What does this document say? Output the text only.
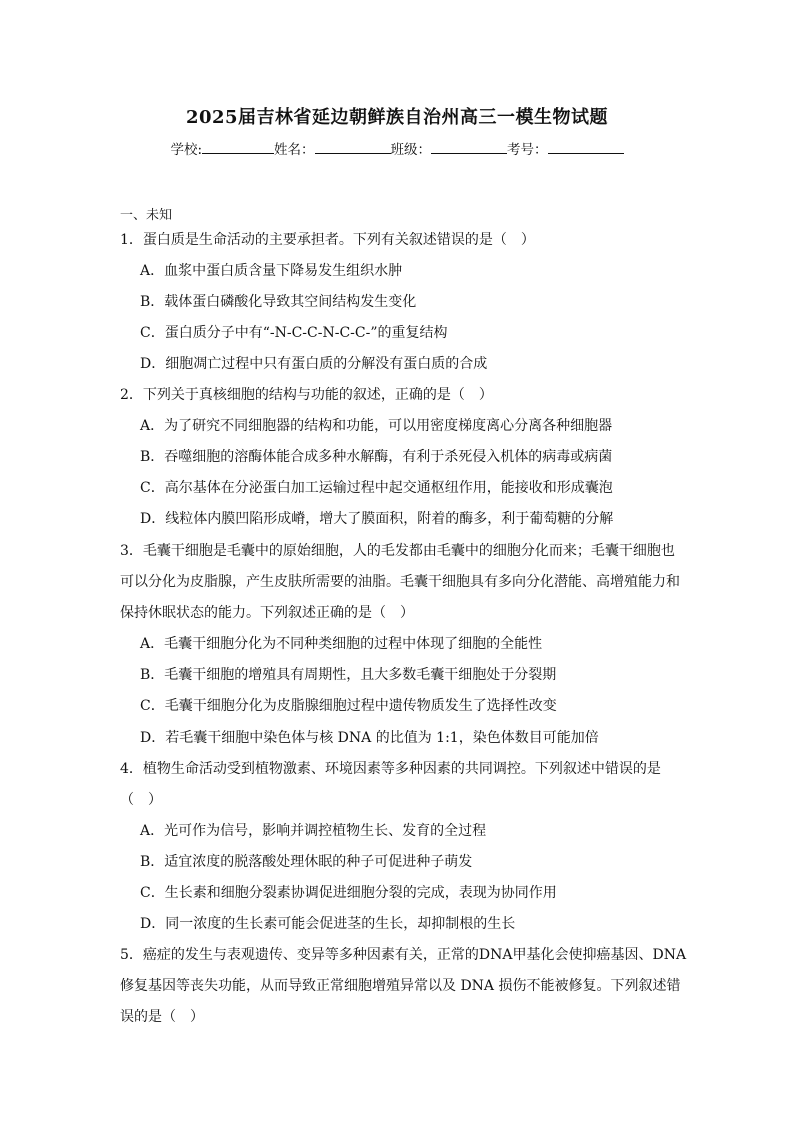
2025届吉林省延边朝鲜族自治州高三一模生物试题
学校:	姓名：	班级：	考号：
一、未知
1．蛋白质是生命活动的主要承担者。下列有关叙述错误的是（　）
A．血浆中蛋白质含量下降易发生组织水肿
B．载体蛋白磷酸化导致其空间结构发生变化
C．蛋白质分子中有“-N-C-C-N-C-C-”的重复结构
D．细胞凋亡过程中只有蛋白质的分解没有蛋白质的合成
2．下列关于真核细胞的结构与功能的叙述，正确的是（　）
A．为了研究不同细胞器的结构和功能，可以用密度梯度离心分离各种细胞器
B．吞噬细胞的溶酶体能合成多种水解酶，有利于杀死侵入机体的病毒或病菌
C．高尔基体在分泌蛋白加工运输过程中起交通枢纽作用，能接收和形成囊泡
D．线粒体内膜凹陷形成嵴，增大了膜面积，附着的酶多，利于葡萄糖的分解
3．毛囊干细胞是毛囊中的原始细胞，人的毛发都由毛囊中的细胞分化而来；毛囊干细胞也
可以分化为皮脂腺，产生皮肤所需要的油脂。毛囊干细胞具有多向分化潜能、高增殖能力和
保持休眠状态的能力。下列叙述正确的是（　）
A．毛囊干细胞分化为不同种类细胞的过程中体现了细胞的全能性
B．毛囊干细胞的增殖具有周期性，且大多数毛囊干细胞处于分裂期
C．毛囊干细胞分化为皮脂腺细胞过程中遗传物质发生了选择性改变
D．若毛囊干细胞中染色体与核 DNA 的比值为 1:1，染色体数目可能加倍
4．植物生命活动受到植物激素、环境因素等多种因素的共同调控。下列叙述中错误的是
（　）
A．光可作为信号，影响并调控植物生长、发育的全过程
B．适宜浓度的脱落酸处理休眠的种子可促进种子萌发
C．生长素和细胞分裂素协调促进细胞分裂的完成，表现为协同作用
D．同一浓度的生长素可能会促进茎的生长，却抑制根的生长
5．癌症的发生与表观遗传、变异等多种因素有关，正常的DNA甲基化会使抑癌基因、DNA
修复基因等丧失功能，从而导致正常细胞增殖异常以及 DNA 损伤不能被修复。下列叙述错
误的是（　）
